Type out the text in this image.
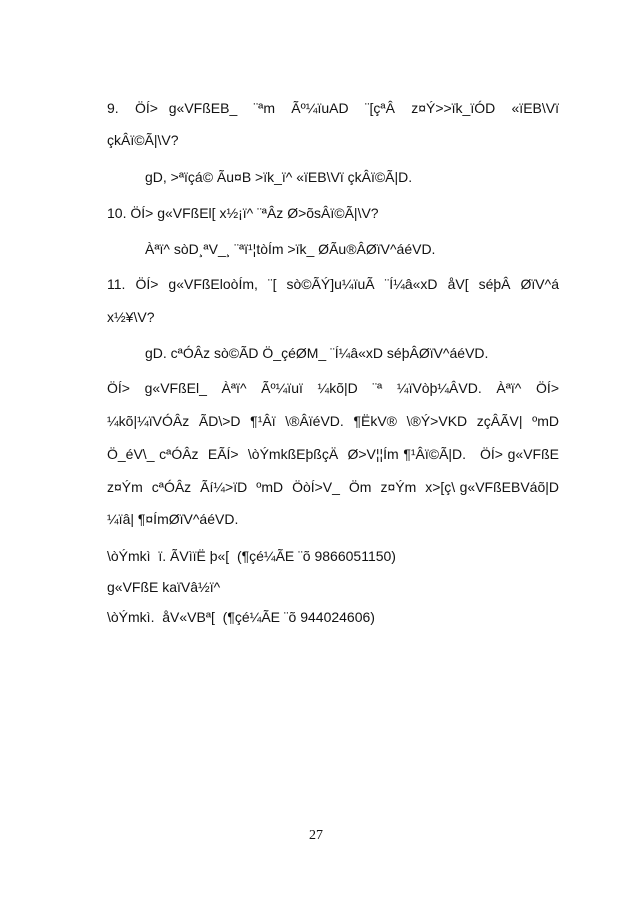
9.   ÖÍ>  g«VFßEB_   ¨ªm   Ãº¼ïuAD   ¨[çªÂ   z¤Ý>>ïk_ïÓD   «ïEB\Vï
çkÂï©Ã|\V?
gD, >ªïçá© Ãu¤B >ïk_ï^ «ïEB\Vï çkÂï©Ã|D.
10. ÖÍ> g«VFßEl[ x½¡ï^ ¨ªÂz Ø>õsÂï©Ã|\V?
Àªï^ sòD¸ªV_¸ ¨ªï¹¦tòÍm >ïk_ ØÃu®ÂØïV^áéVD.
11.  ÖÍ>  g«VFßEloòÍm,  ¨[  sò©ÃÝ]u¼ïuÃ  ¨Í¼â«xD  åV[  séþÂ  ØïV^á
x½¥\V?
gD. cªÓÂz sò©ÃD Ö_çéØM_ ¨Í¼â«xD séþÂØïV^áéVD.
ÖÍ>   g«VFßEl_   Àªï^   Ãº¼ïuï   ¼kõ|D   ¨ª   ¼ïVòþ¼ÂVD.   Àªï^   ÖÍ>
¼kõ|¼ïVÓÂz  ÃD\>D  ¶¹Âï  \®ÂïéVD.  ¶ËkV®  \®Ý>VKD  zçÂÃV|  ºmD
Ö_éV\_ cªÓÂz  EÃÍ>  \òÝmkßEþßçÄ  Ø>V¦¦Ím ¶¹Âï©Ã|D.   ÖÍ> g«VFßE
z¤Ým  cªÓÂz  Ãí¼>ïD  ºmD  ÖòÍ>V_  Öm  z¤Ým  x>[ç\ g«VFßEBVáõ|D
¼ïâ| ¶¤ÍmØïV^áéVD.
\òÝmkì  ï. ÃVìïË þ«[  (¶çé¼ÃE ¨õ 9866051150)
g«VFßE kaïVâ½ï^
\òÝmkì.  åV«VBª[  (¶çé¼ÃE ¨õ 944024606)
27
